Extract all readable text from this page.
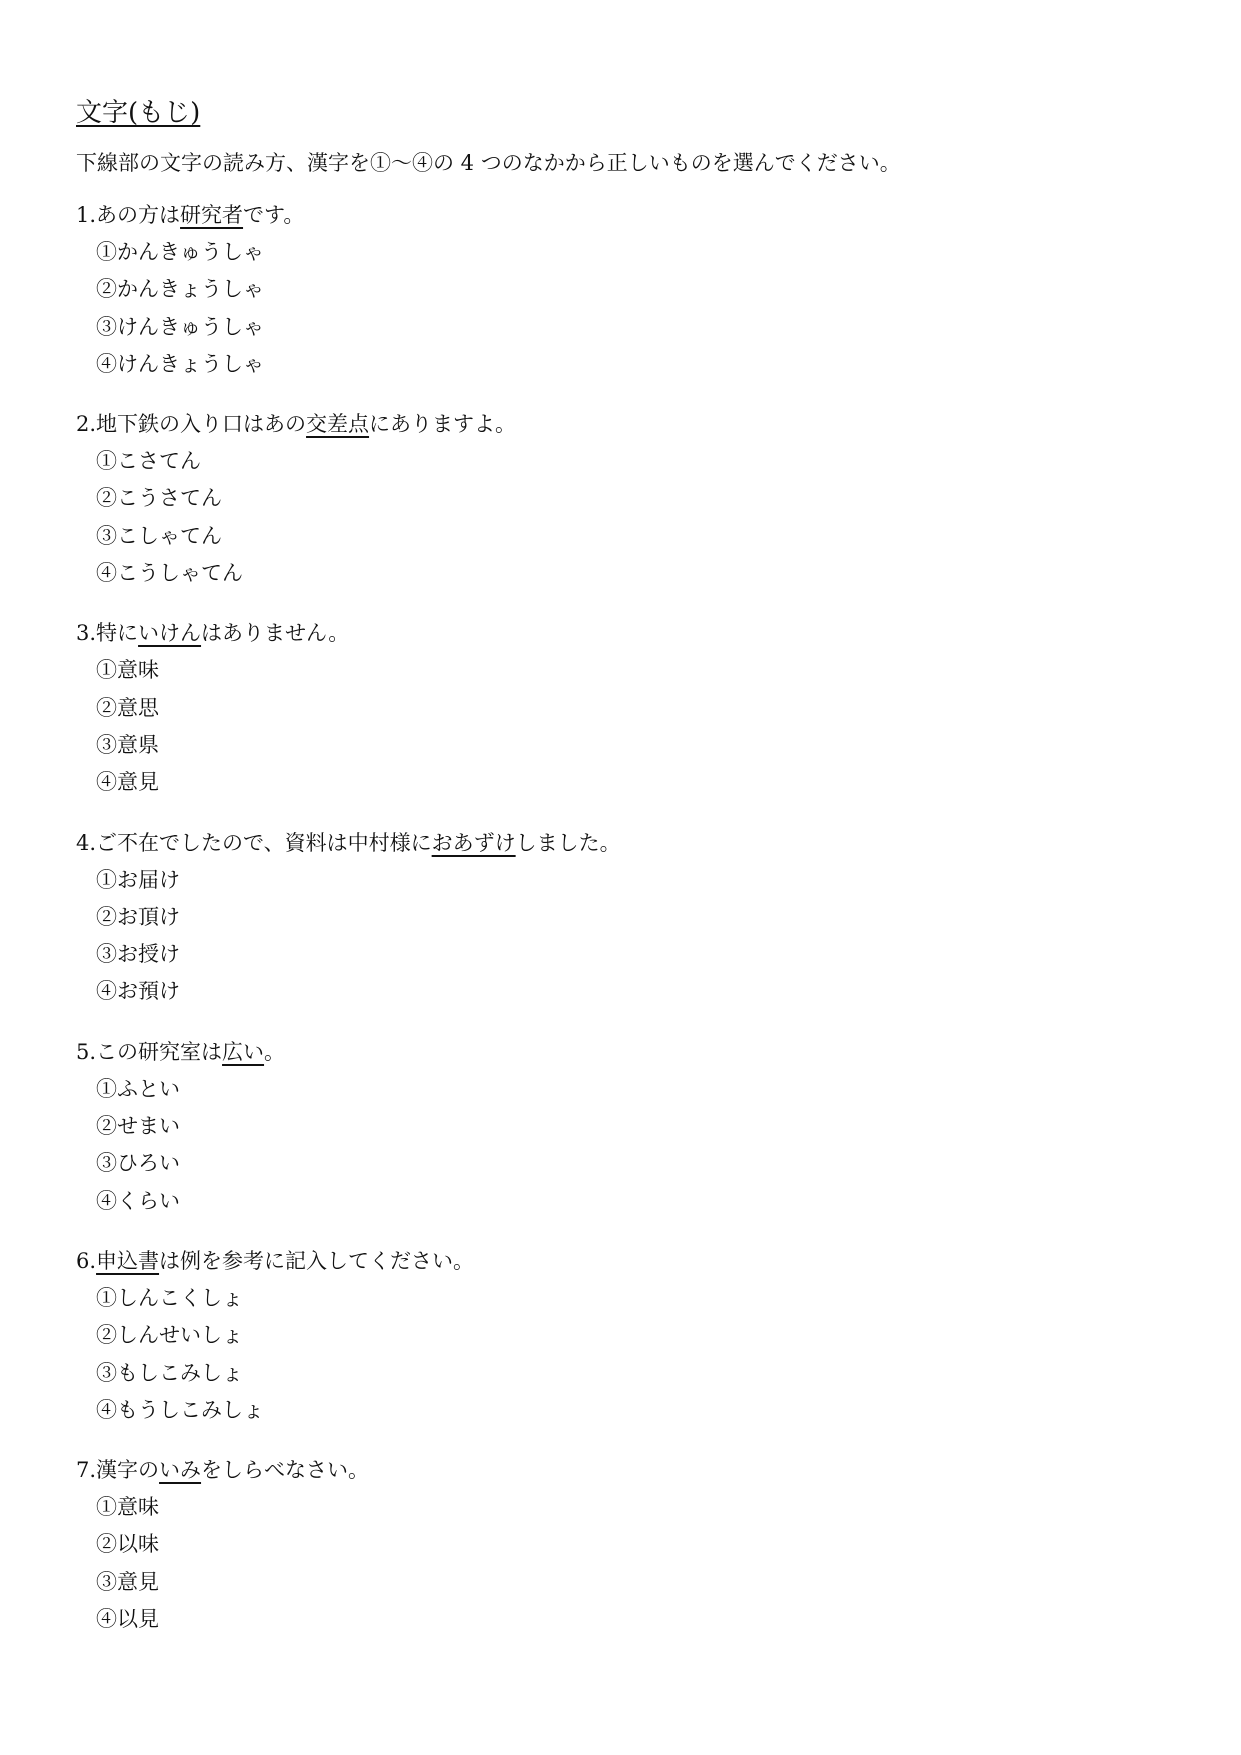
文字(もじ)
下線部の文字の読み方、漢字を①～④の 4 つのなかから正しいものを選んでください。
1.あの方は研究者です。
①かんきゅうしゃ
②かんきょうしゃ
③けんきゅうしゃ
④けんきょうしゃ
2.地下鉄の入り口はあの交差点にありますよ。
①こさてん
②こうさてん
③こしゃてん
④こうしゃてん
3.特にいけんはありません。
①意味
②意思
③意県
④意見
4.ご不在でしたので、資料は中村様におあずけしました。
①お届け
②お頂け
③お授け
④お預け
5.この研究室は広い。
①ふとい
②せまい
③ひろい
④くらい
6.申込書は例を参考に記入してください。
①しんこくしょ
②しんせいしょ
③もしこみしょ
④もうしこみしょ
7.漢字のいみをしらべなさい。
①意味
②以味
③意見
④以見
